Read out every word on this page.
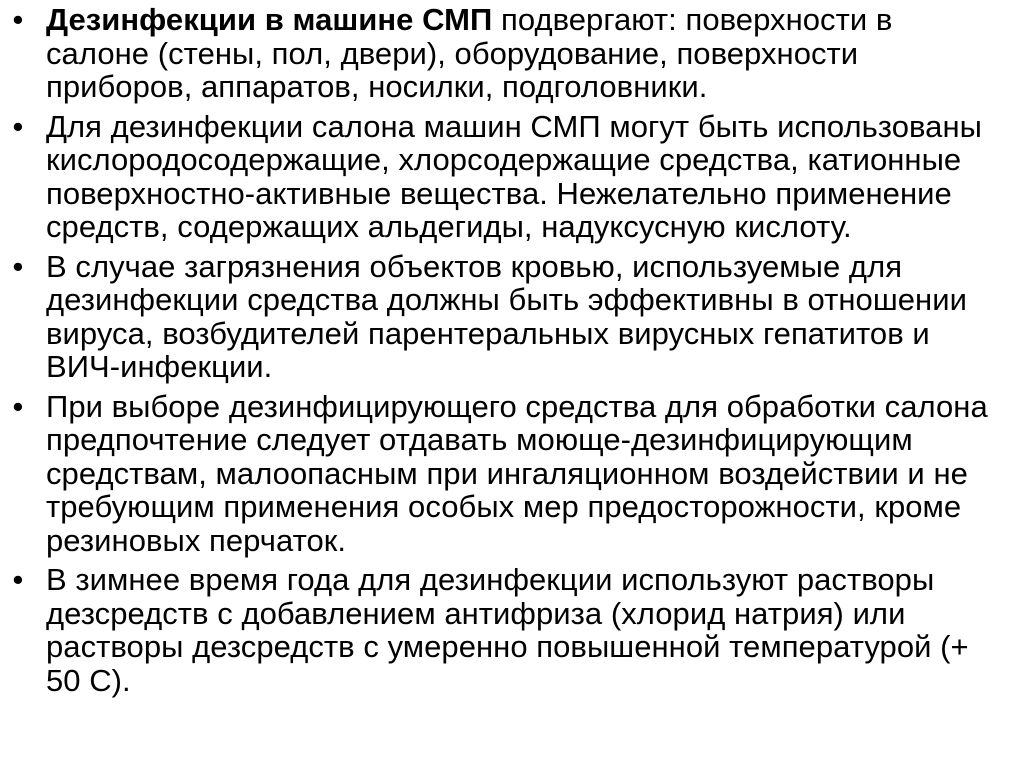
• Дезинфекции в машине СМП подвергают: поверхности в салоне (стены, пол, двери), оборудование, поверхности приборов, аппаратов, носилки, подголовники.
• Для дезинфекции салона машин СМП могут быть использованы кислородосодержащие, хлорсодержащие средства, катионные поверхностно-активные вещества. Нежелательно применение средств, содержащих альдегиды, надуксусную кислоту.
• В случае загрязнения объектов кровью, используемые для дезинфекции средства должны быть эффективны в отношении вируса, возбудителей парентеральных вирусных гепатитов и ВИЧ-инфекции.
• При выборе дезинфицирующего средства для обработки салона предпочтение следует отдавать моюще-дезинфицирующим средствам, малоопасным при ингаляционном воздействии и не требующим применения особых мер предосторожности, кроме резиновых перчаток.
• В зимнее время года для дезинфекции используют растворы дезсредств с добавлением антифриза (хлорид натрия) или растворы дезсредств с умеренно повышенной температурой (+ 50 С).
